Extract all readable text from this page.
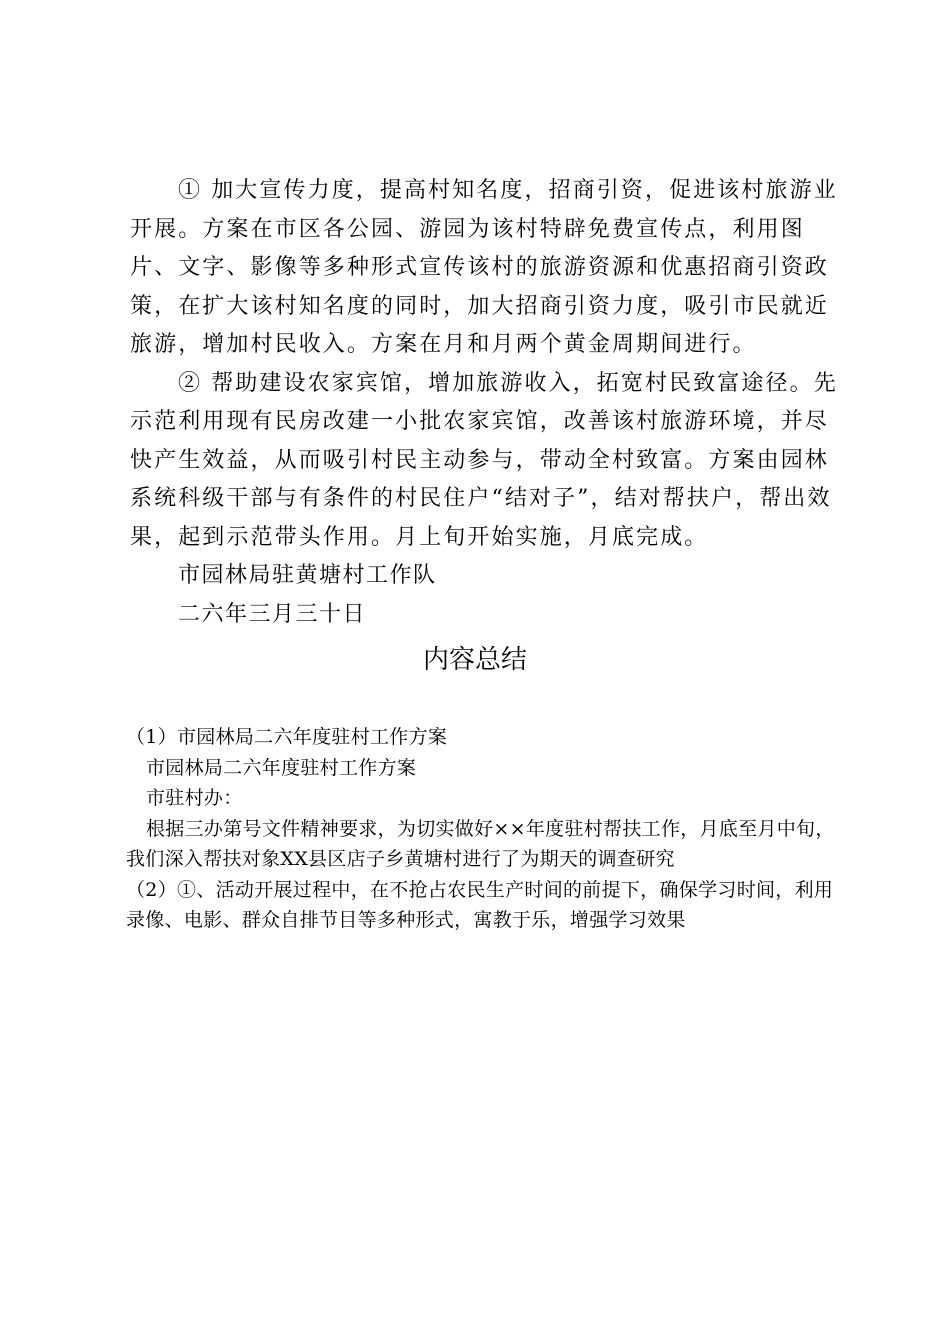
① 加大宣传力度，提高村知名度，招商引资，促进该村旅游业开展。方案在市区各公园、游园为该村特辟免费宣传点，利用图片、文字、影像等多种形式宣传该村的旅游资源和优惠招商引资政策，在扩大该村知名度的同时，加大招商引资力度，吸引市民就近旅游，增加村民收入。方案在月和月两个黄金周期间进行。

② 帮助建设农家宾馆，增加旅游收入，拓宽村民致富途径。先示范利用现有民房改建一小批农家宾馆，改善该村旅游环境，并尽快产生效益，从而吸引村民主动参与，带动全村致富。方案由园林系统科级干部与有条件的村民住户“结对子”，结对帮扶户，帮出效果，起到示范带头作用。月上旬开始实施，月底完成。

市园林局驻黄塘村工作队

二六年三月三十日

内容总结

（1）市园林局二六年度驻村工作方案

市园林局二六年度驻村工作方案

市驻村办：

根据三办第号文件精神要求，为切实做好××年度驻村帮扶工作，月底至月中旬，我们深入帮扶对象XX县区店子乡黄塘村进行了为期天的调查研究

（2）①、活动开展过程中，在不抢占农民生产时间的前提下，确保学习时间，利用录像、电影、群众自排节目等多种形式，寓教于乐，增强学习效果
